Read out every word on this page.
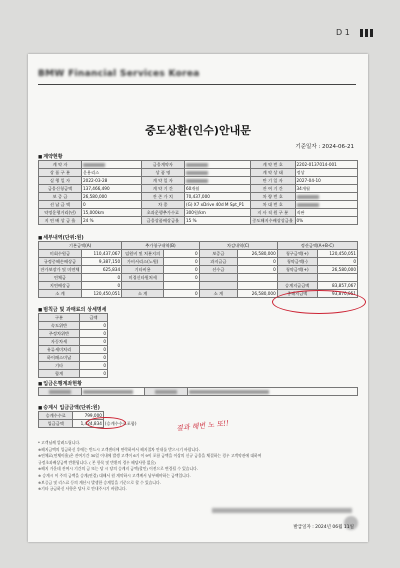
D 1
BMW Financial Services Korea
중도상환(인수)안내문
기준일자 : 2024-06-21
■ 계약현황
계 약 자		금융계약자		계 약 번 호	2202-0137014-001
상 품 구 분	운용리스	상 품 명		계 약 상 태	정상
실 행 일 자	2022-03-28	계 약 일 자		만 기 일 자	2027-04-10
금융신청금액	137,466,490	계 약 기 간	60개월	잔 여 기 간	34개월
보 증 금	26,580,000	잔 존 가 치	70,437,000	차 량 번 호	
선 납 금 액	0	차 종	(G) X7 xDrive 40d M Spt_P1	차 대 번 호	
약정운행거리(년)	15,000km	초과운행추가수료	300원/km	지 사 직 원 구 분	직판
지 연 배 상 금 율	24 %	금융상품배상금율	15 %	중도해지수배상상금율	0%
■ 세부내역(단위:원)
기본금액(A)		추가청구내역(B)		차감내역(C)		정산금액(A+B-C)	
미회수원금	110,437,067	임원비 및 처분지의	0	보증금	26,580,000	청구금액(+)	120,450,051
규정중해손배상금	9,387,150	가비서리스(노원)	0	과지급금	0	청약금액(-)	0
잔가보장가 및 미연체	625,834	기타비용	0	선수금	0	청약금액(+)	26,580,000
연체금	0	미경신타원처세	0				
지연배상금	0					승계지급금액	83,857,067
소 계	120,450,051	소 계	0	소 계	26,580,000	총해지금액	93,870,051
■ 범칙금 및 과태료의 상세명세
구분	금액
속도위반	0
주정차위반	0
자동차세	0
유류세미처리	0
하이패스미납	0
기타	0
합계	0
■ 입금은행계좌현황

■ 승계시 입금금액(단위:원)
승계수수료	799,000	
입금금액	1,424,834	(승계수수료포함)	결과 해변 노 또!!
* 고객님께 알려드립니다.
※해지금액의 입금하신 후에는 반드시 고객센터에 연락하셔서 해지절차 안내를 받으시기 바랍니다.
※연체료(연체이율)은 잔여기간 30일 이내에 발생 고객이 6기 이 9이 포함 금액을 이상의 신규 금융을 체결하는 경우 고객약관에 대하여
규정초과배상금액 반환됩니다. ( 본 항목 및 반환의 경우 해당사항 없음)
※해지 가운데 잔여시 기간의 금 또는 당 시 당의 승계지 금액(할인) 이전으로 변경될 수 있습니다.
※ 승계시 이 주의 금액을 승계(연결) 대해서 원 계약하시 고객께서 납부해야하는 금액입니다.
※보증금 및 리스료 등의 계산시 발생한 승계일을 기준으로 할 수 있습니다.
※기타 궁금하신 사항은 당사 로 안내주시기 바랍니다.
발급일자 : 2024년 06월 11일
